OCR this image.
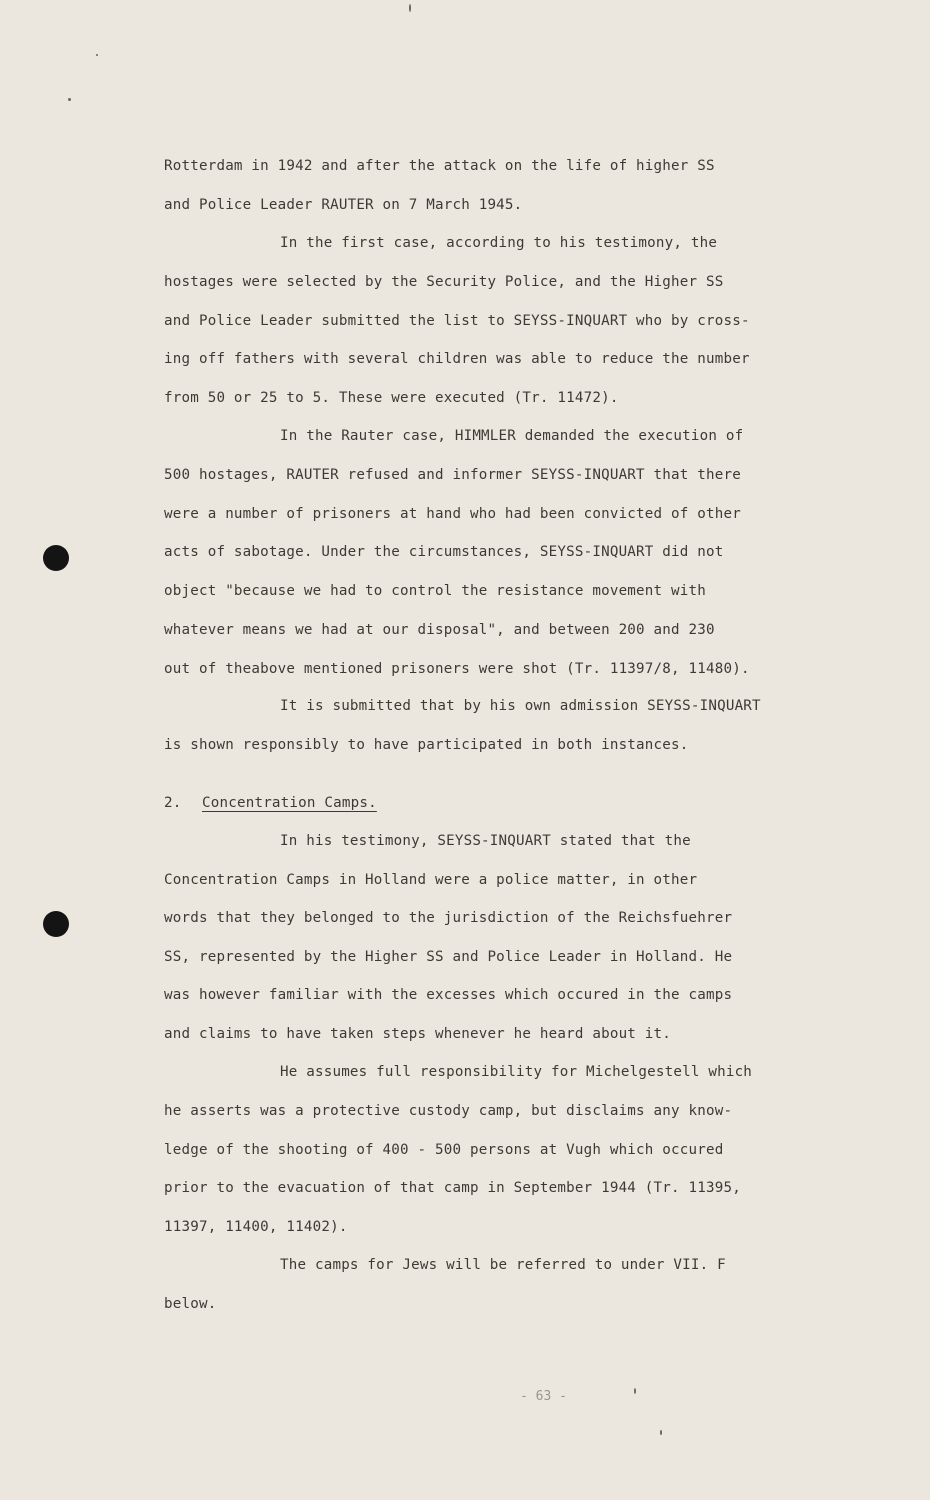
Rotterdam in 1942 and after the attack on the life of higher SS
and Police Leader RAUTER on 7 March 1945.
In the first case, according to his testimony, the
hostages were selected by the Security Police, and the Higher SS
and Police Leader submitted the list to SEYSS-INQUART who by cross-
ing off fathers with several children was able to reduce the number
from 50 or 25 to 5. These were executed (Tr. 11472).
In the Rauter case, HIMMLER demanded the execution of
500 hostages, RAUTER refused and informer SEYSS-INQUART that there
were a number of prisoners at hand who had been convicted of other
acts of sabotage. Under the circumstances, SEYSS-INQUART did not
object "because we had to control the resistance movement with
whatever means we had at our disposal", and between 200 and 230
out of theabove mentioned prisoners were shot (Tr. 11397/8, 11480).
It is submitted that by his own admission SEYSS-INQUART
is shown responsibly to have participated in both instances.
2. Concentration Camps.
In his testimony, SEYSS-INQUART stated that the
Concentration Camps in Holland were a police matter, in other
words that they belonged to the jurisdiction of the Reichsfuehrer
SS, represented by the Higher SS and Police Leader in Holland. He
was however familiar with the excesses which occured in the camps
and claims to have taken steps whenever he heard about it.
He assumes full responsibility for Michelgestell which
he asserts was a protective custody camp, but disclaims any know-
ledge of the shooting of 400 - 500 persons at Vugh which occured
prior to the evacuation of that camp in September 1944 (Tr. 11395,
11397, 11400, 11402).
The camps for Jews will be referred to under VII. F
below.
- 63 -
